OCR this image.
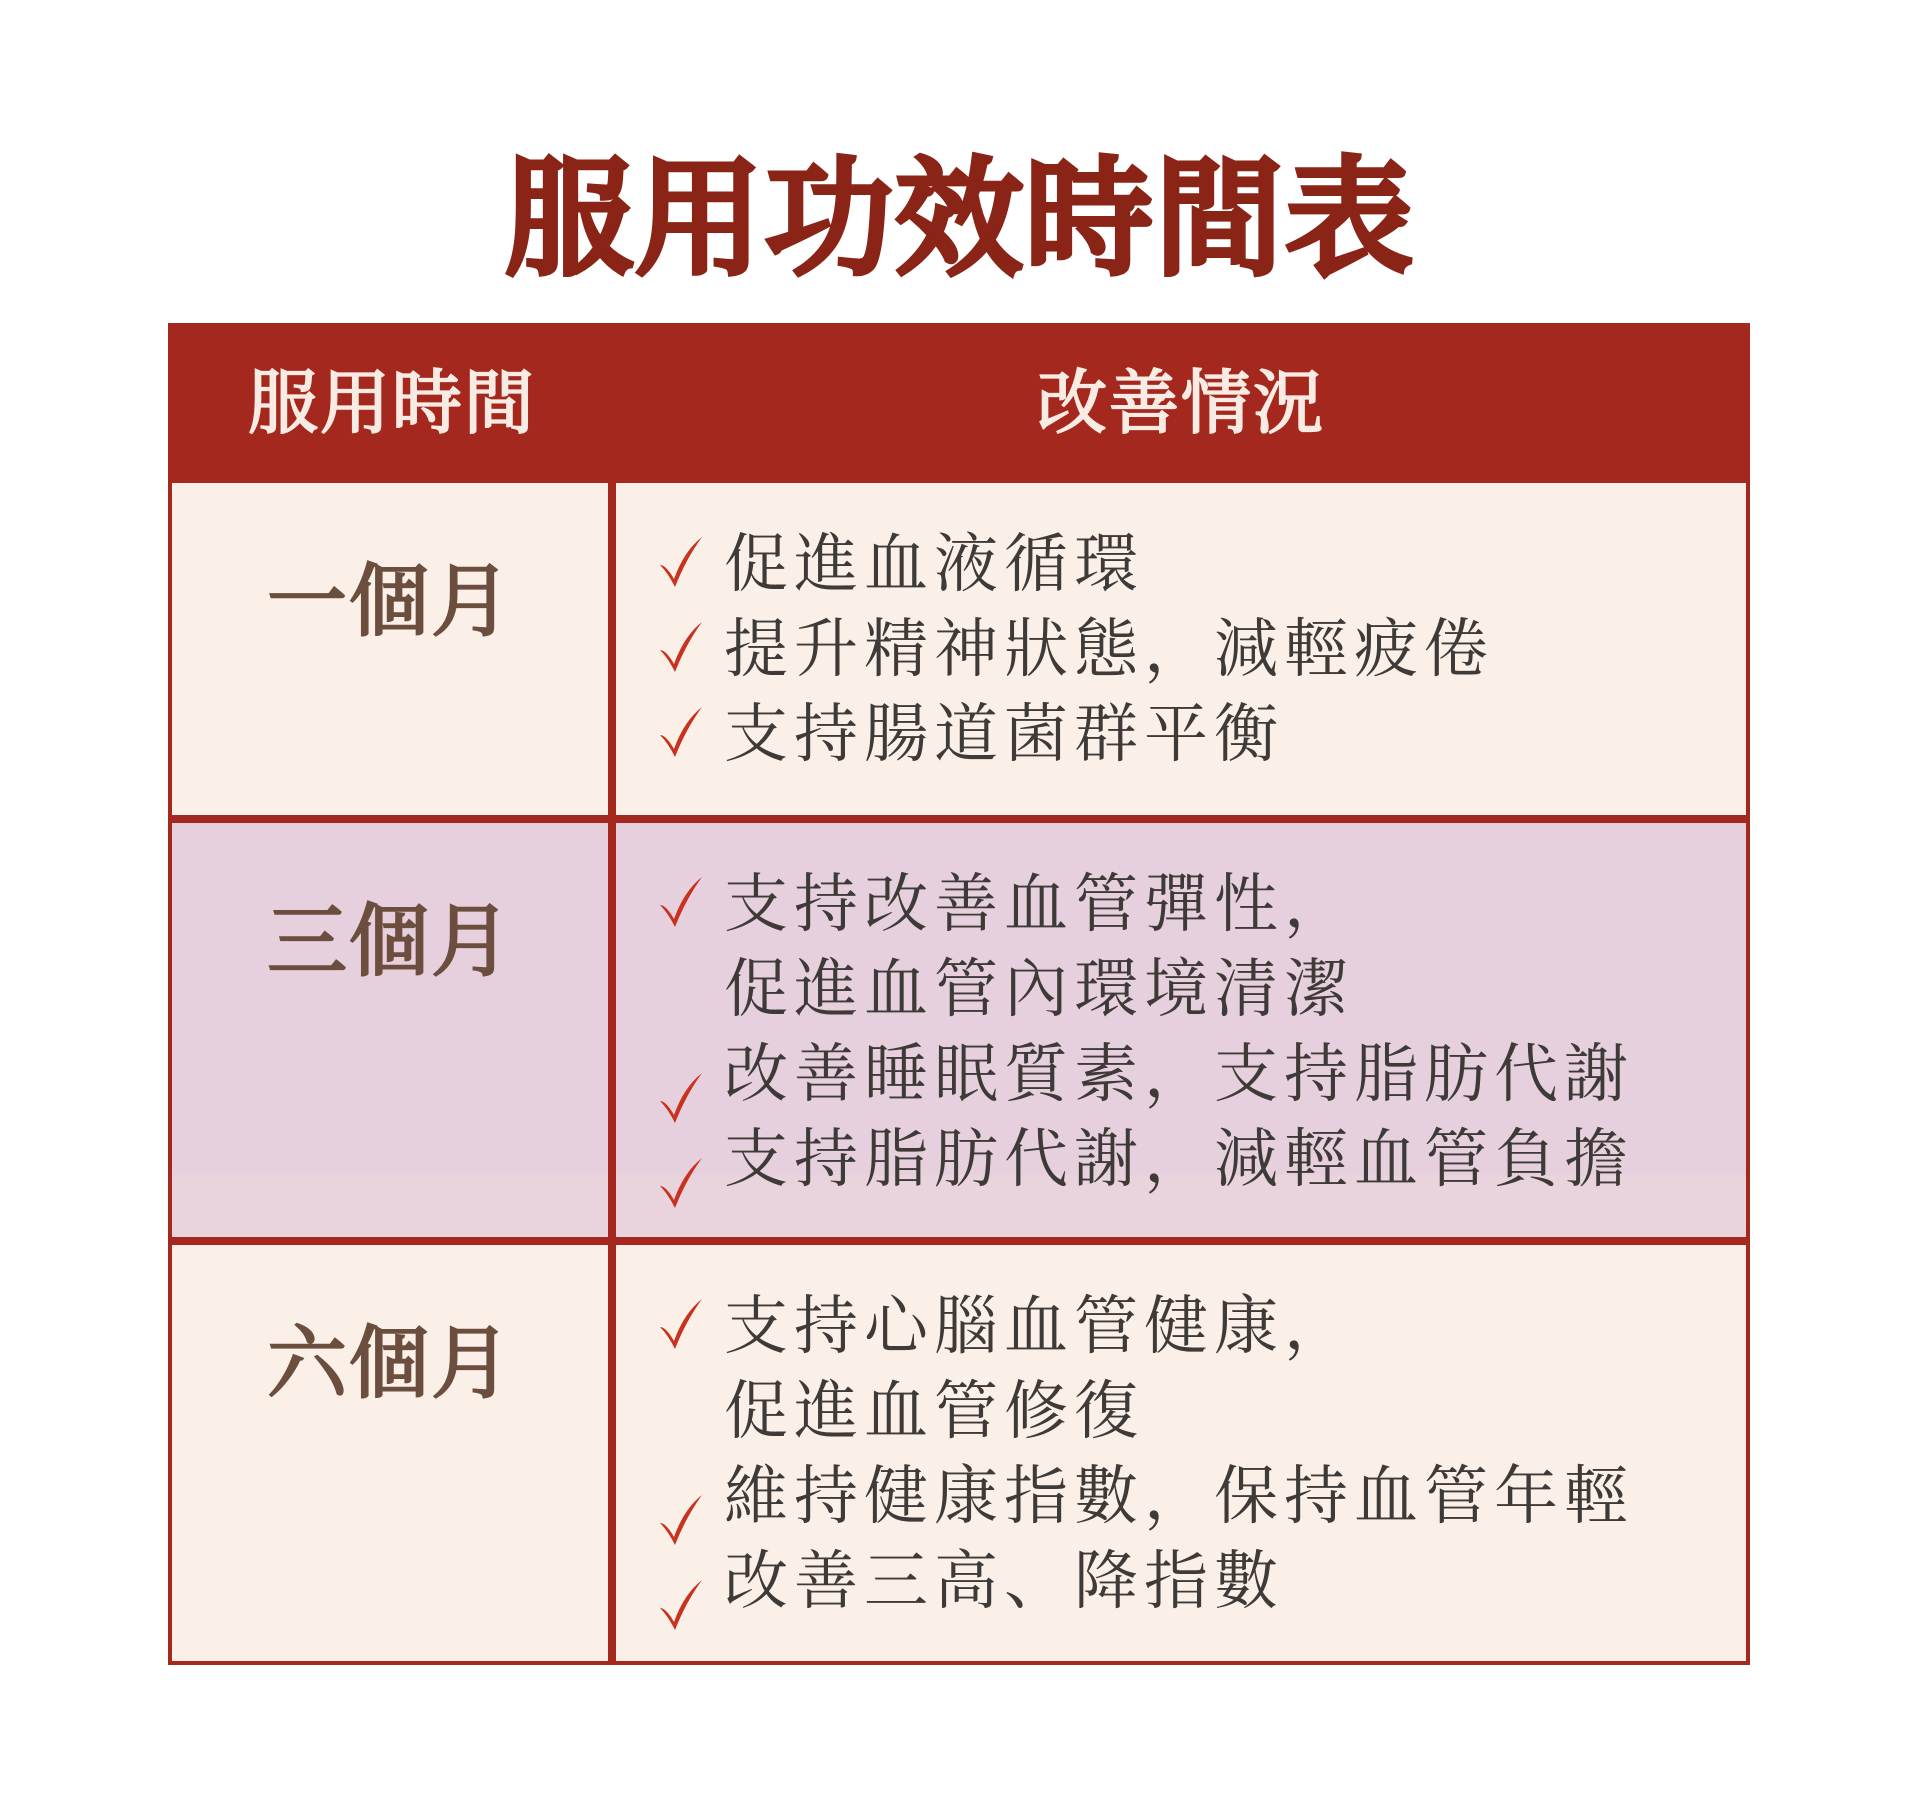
服用功效時間表
服用時間	改善情況
一個月	促進血液循環
提升精神狀態，減輕疲倦
支持腸道菌群平衡
三個月	支持改善血管彈性，
促進血管內環境清潔
改善睡眠質素，支持脂肪代謝
支持脂肪代謝，減輕血管負擔
六個月	支持心腦血管健康，
促進血管修復
維持健康指數，保持血管年輕
改善三高、降指數
